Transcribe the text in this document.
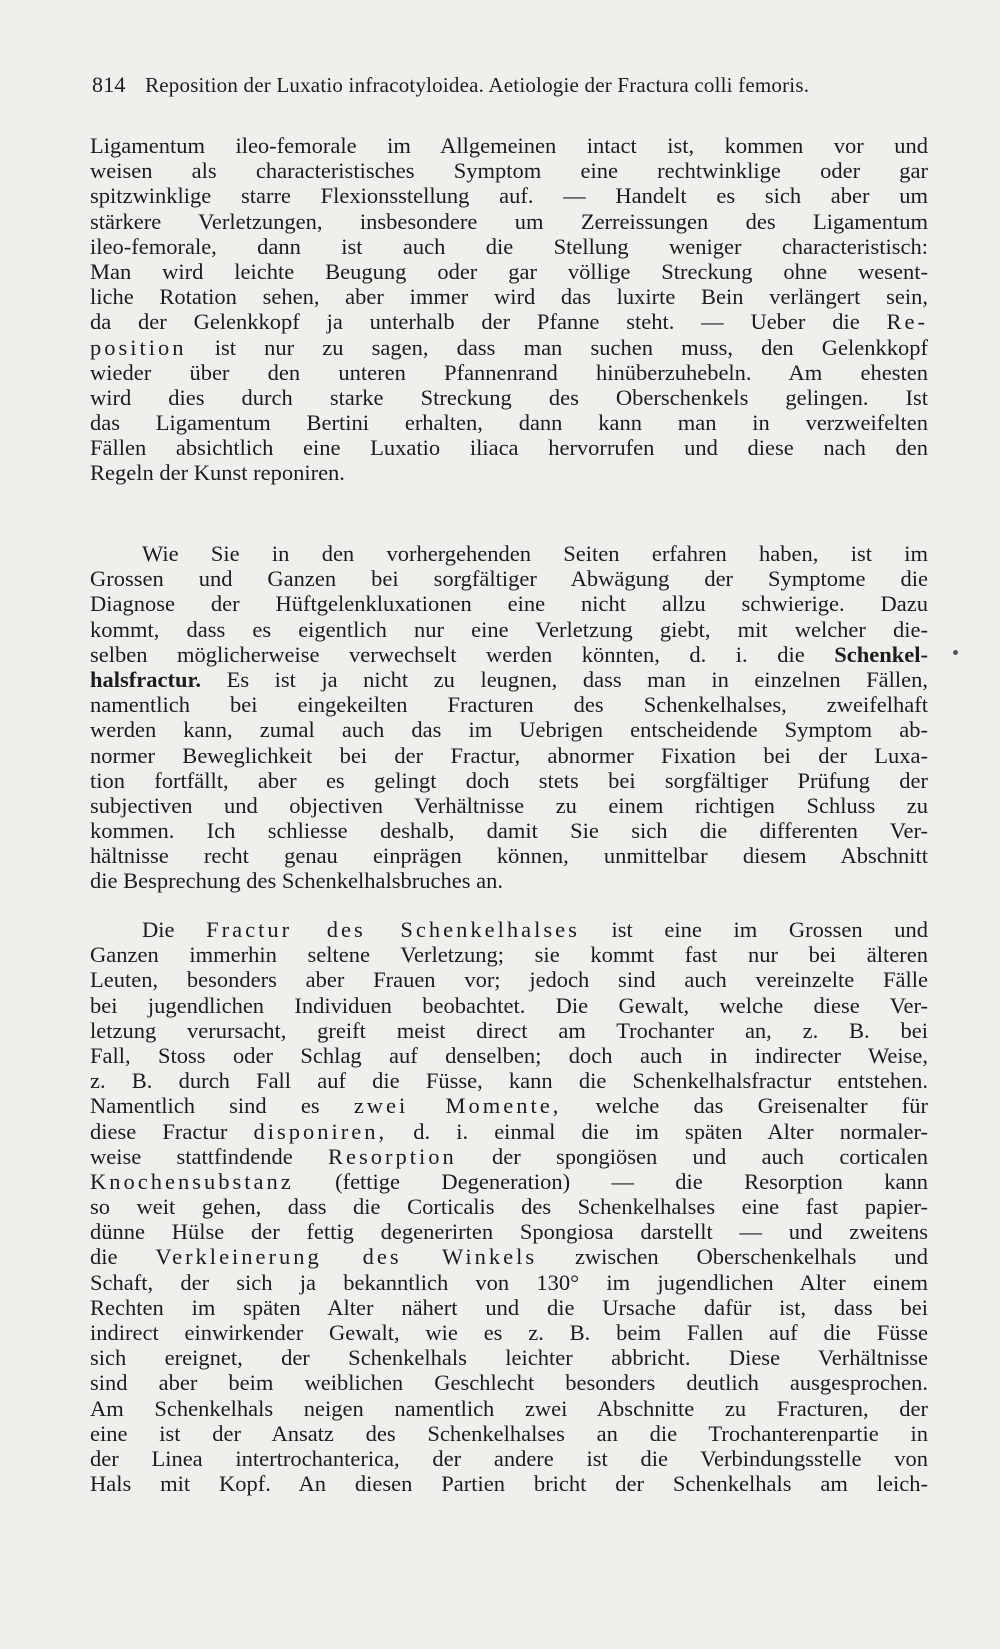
814 Reposition der Luxatio infracotyloidea. Aetiologie der Fractura colli femoris.
Ligamentum ileo-femorale im Allgemeinen intact ist, kommen vor und
weisen als characteristisches Symptom eine rechtwinklige oder gar
spitzwinklige starre Flexionsstellung auf. — Handelt es sich aber um
stärkere Verletzungen, insbesondere um Zerreissungen des Ligamentum
ileo-femorale, dann ist auch die Stellung weniger characteristisch:
Man wird leichte Beugung oder gar völlige Streckung ohne wesent-
liche Rotation sehen, aber immer wird das luxirte Bein verlängert sein,
da der Gelenkkopf ja unterhalb der Pfanne steht. — Ueber die Re-
position ist nur zu sagen, dass man suchen muss, den Gelenkkopf
wieder über den unteren Pfannenrand hinüberzuhebeln. Am ehesten
wird dies durch starke Streckung des Oberschenkels gelingen. Ist
das Ligamentum Bertini erhalten, dann kann man in verzweifelten
Fällen absichtlich eine Luxatio iliaca hervorrufen und diese nach den
Regeln der Kunst reponiren.
Wie Sie in den vorhergehenden Seiten erfahren haben, ist im
Grossen und Ganzen bei sorgfältiger Abwägung der Symptome die
Diagnose der Hüftgelenkluxationen eine nicht allzu schwierige. Dazu
kommt, dass es eigentlich nur eine Verletzung giebt, mit welcher die-
selben möglicherweise verwechselt werden könnten, d. i. die Schenkel-
halsfractur. Es ist ja nicht zu leugnen, dass man in einzelnen Fällen,
namentlich bei eingekeilten Fracturen des Schenkelhalses, zweifelhaft
werden kann, zumal auch das im Uebrigen entscheidende Symptom ab-
normer Beweglichkeit bei der Fractur, abnormer Fixation bei der Luxa-
tion fortfällt, aber es gelingt doch stets bei sorgfältiger Prüfung der
subjectiven und objectiven Verhältnisse zu einem richtigen Schluss zu
kommen. Ich schliesse deshalb, damit Sie sich die differenten Ver-
hältnisse recht genau einprägen können, unmittelbar diesem Abschnitt
die Besprechung des Schenkelhalsbruches an.
Die Fractur des Schenkelhalses ist eine im Grossen und
Ganzen immerhin seltene Verletzung; sie kommt fast nur bei älteren
Leuten, besonders aber Frauen vor; jedoch sind auch vereinzelte Fälle
bei jugendlichen Individuen beobachtet. Die Gewalt, welche diese Ver-
letzung verursacht, greift meist direct am Trochanter an, z. B. bei
Fall, Stoss oder Schlag auf denselben; doch auch in indirecter Weise,
z. B. durch Fall auf die Füsse, kann die Schenkelhalsfractur entstehen.
Namentlich sind es zwei Momente, welche das Greisenalter für
diese Fractur disponiren, d. i. einmal die im späten Alter normaler-
weise stattfindende Resorption der spongiösen und auch corticalen
Knochensubstanz (fettige Degeneration) — die Resorption kann
so weit gehen, dass die Corticalis des Schenkelhalses eine fast papier-
dünne Hülse der fettig degenerirten Spongiosa darstellt — und zweitens
die Verkleinerung des Winkels zwischen Oberschenkelhals und
Schaft, der sich ja bekanntlich von 130° im jugendlichen Alter einem
Rechten im späten Alter nähert und die Ursache dafür ist, dass bei
indirect einwirkender Gewalt, wie es z. B. beim Fallen auf die Füsse
sich ereignet, der Schenkelhals leichter abbricht. Diese Verhältnisse
sind aber beim weiblichen Geschlecht besonders deutlich ausgesprochen.
Am Schenkelhals neigen namentlich zwei Abschnitte zu Fracturen, der
eine ist der Ansatz des Schenkelhalses an die Trochanterenpartie in
der Linea intertrochanterica, der andere ist die Verbindungsstelle von
Hals mit Kopf. An diesen Partien bricht der Schenkelhals am leich-
